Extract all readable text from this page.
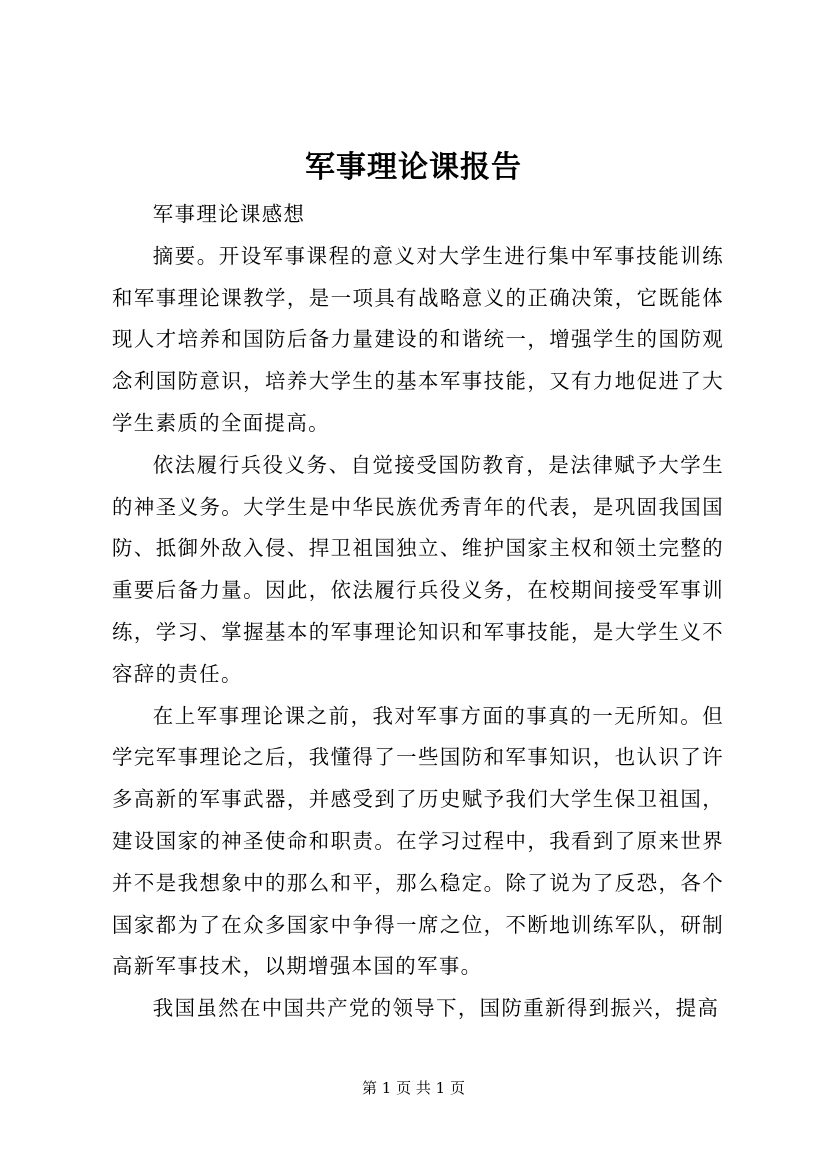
军事理论课报告

军事理论课感想

摘要。开设军事课程的意义对大学生进行集中军事技能训练和军事理论课教学，是一项具有战略意义的正确决策，它既能体现人才培养和国防后备力量建设的和谐统一，增强学生的国防观念利国防意识，培养大学生的基本军事技能，又有力地促进了大学生素质的全面提高。

依法履行兵役义务、自觉接受国防教育，是法律赋予大学生的神圣义务。大学生是中华民族优秀青年的代表，是巩固我国国防、抵御外敌入侵、捍卫祖国独立、维护国家主权和领土完整的重要后备力量。因此，依法履行兵役义务，在校期间接受军事训练，学习、掌握基本的军事理论知识和军事技能，是大学生义不容辞的责任。

在上军事理论课之前，我对军事方面的事真的一无所知。但学完军事理论之后，我懂得了一些国防和军事知识，也认识了许多高新的军事武器，并感受到了历史赋予我们大学生保卫祖国，建设国家的神圣使命和职责。在学习过程中，我看到了原来世界并不是我想象中的那么和平，那么稳定。除了说为了反恐，各个国家都为了在众多国家中争得一席之位，不断地训练军队，研制高新军事技术，以期增强本国的军事。

我国虽然在中国共产党的领导下，国防重新得到振兴，提高

第 1 页 共 1 页
